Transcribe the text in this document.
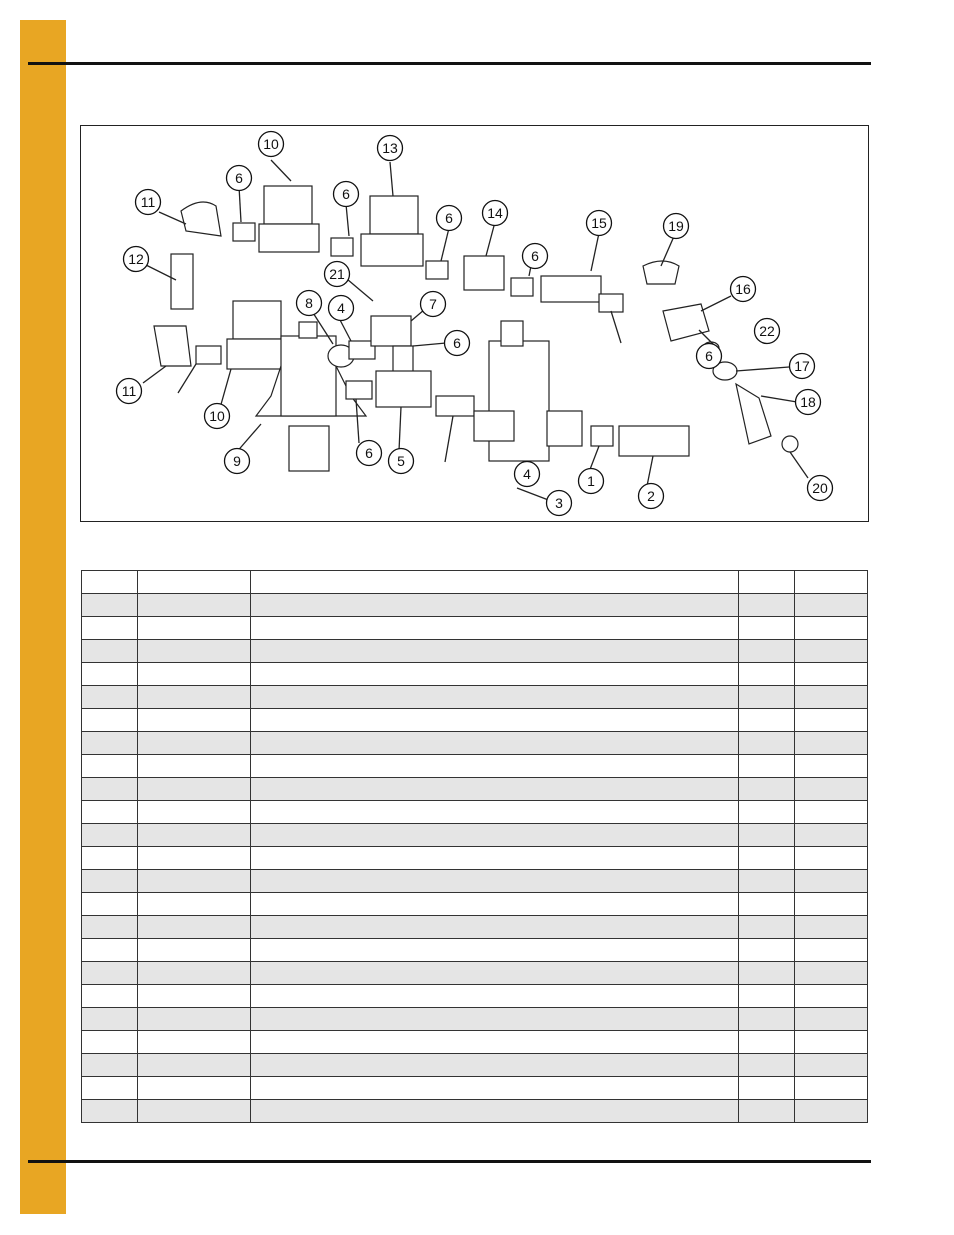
1
2
3
4
4
5
6
6
6
6
6
6
6
7
8
9
10
10
11
11
12
13
14
15
16
17
18
19
20
21
22
